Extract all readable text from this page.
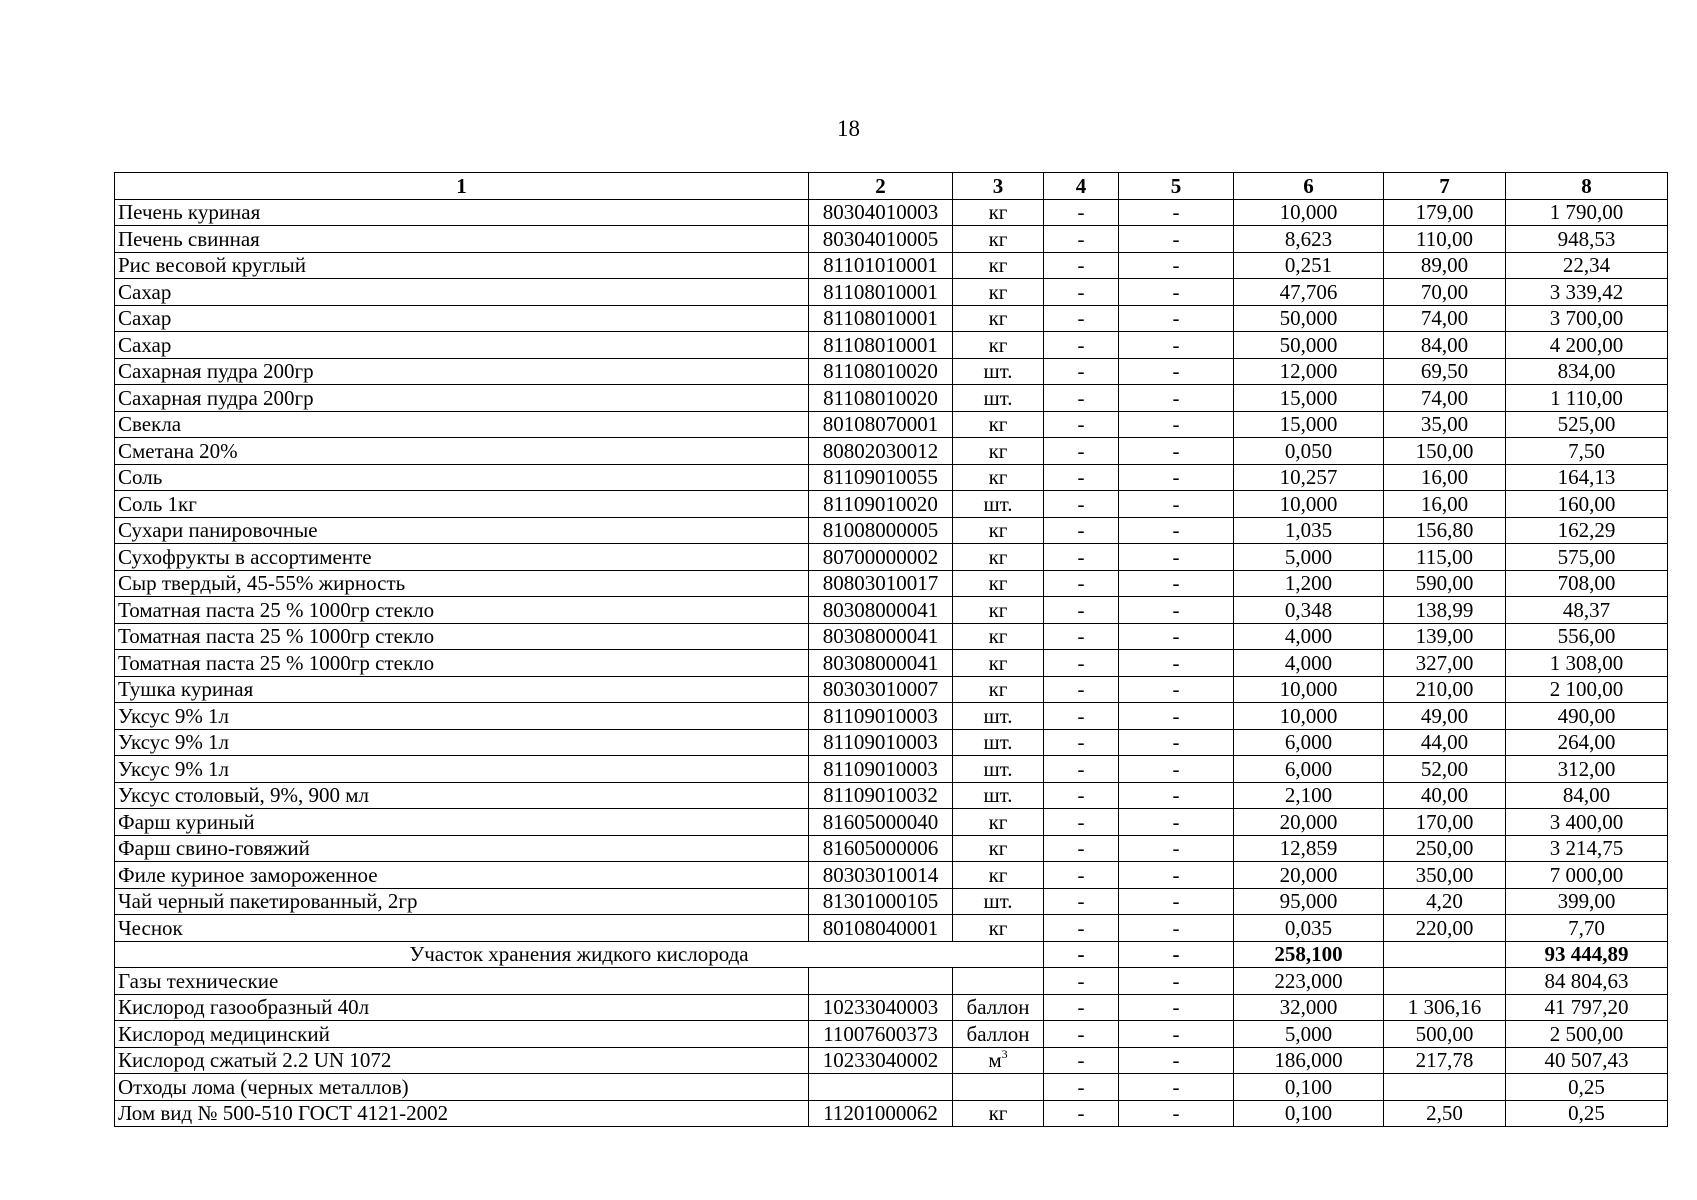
18
1	2	3	4	5	6	7	8
Печень куриная	80304010003	кг	-	-	10,000	179,00	1 790,00
Печень свинная	80304010005	кг	-	-	8,623	110,00	948,53
Рис весовой круглый	81101010001	кг	-	-	0,251	89,00	22,34
Сахар	81108010001	кг	-	-	47,706	70,00	3 339,42
Сахар	81108010001	кг	-	-	50,000	74,00	3 700,00
Сахар	81108010001	кг	-	-	50,000	84,00	4 200,00
Сахарная пудра 200гр	81108010020	шт.	-	-	12,000	69,50	834,00
Сахарная пудра 200гр	81108010020	шт.	-	-	15,000	74,00	1 110,00
Свекла	80108070001	кг	-	-	15,000	35,00	525,00
Сметана 20%	80802030012	кг	-	-	0,050	150,00	7,50
Соль	81109010055	кг	-	-	10,257	16,00	164,13
Соль 1кг	81109010020	шт.	-	-	10,000	16,00	160,00
Сухари панировочные	81008000005	кг	-	-	1,035	156,80	162,29
Сухофрукты в ассортименте	80700000002	кг	-	-	5,000	115,00	575,00
Сыр твердый, 45-55% жирность	80803010017	кг	-	-	1,200	590,00	708,00
Томатная паста 25 % 1000гр стекло	80308000041	кг	-	-	0,348	138,99	48,37
Томатная паста 25 % 1000гр стекло	80308000041	кг	-	-	4,000	139,00	556,00
Томатная паста 25 % 1000гр стекло	80308000041	кг	-	-	4,000	327,00	1 308,00
Тушка куриная	80303010007	кг	-	-	10,000	210,00	2 100,00
Уксус 9% 1л	81109010003	шт.	-	-	10,000	49,00	490,00
Уксус 9% 1л	81109010003	шт.	-	-	6,000	44,00	264,00
Уксус 9% 1л	81109010003	шт.	-	-	6,000	52,00	312,00
Уксус столовый, 9%, 900 мл	81109010032	шт.	-	-	2,100	40,00	84,00
Фарш куриный	81605000040	кг	-	-	20,000	170,00	3 400,00
Фарш свино-говяжий	81605000006	кг	-	-	12,859	250,00	3 214,75
Филе куриное замороженное	80303010014	кг	-	-	20,000	350,00	7 000,00
Чай черный пакетированный, 2гр	81301000105	шт.	-	-	95,000	4,20	399,00
Чеснок	80108040001	кг	-	-	0,035	220,00	7,70
Участок хранения жидкого кислорода			-	-	258,100		93 444,89
Газы технические			-	-	223,000		84 804,63
Кислород газообразный 40л	10233040003	баллон	-	-	32,000	1 306,16	41 797,20
Кислород медицинский	11007600373	баллон	-	-	5,000	500,00	2 500,00
Кислород сжатый 2.2 UN 1072	10233040002	$м^3$	-	-	186,000	217,78	40 507,43
Отходы лома (черных металлов)			-	-	0,100		0,25
Лом вид № 500-510 ГОСТ 4121-2002	11201000062	кг	-	-	0,100	2,50	0,25
